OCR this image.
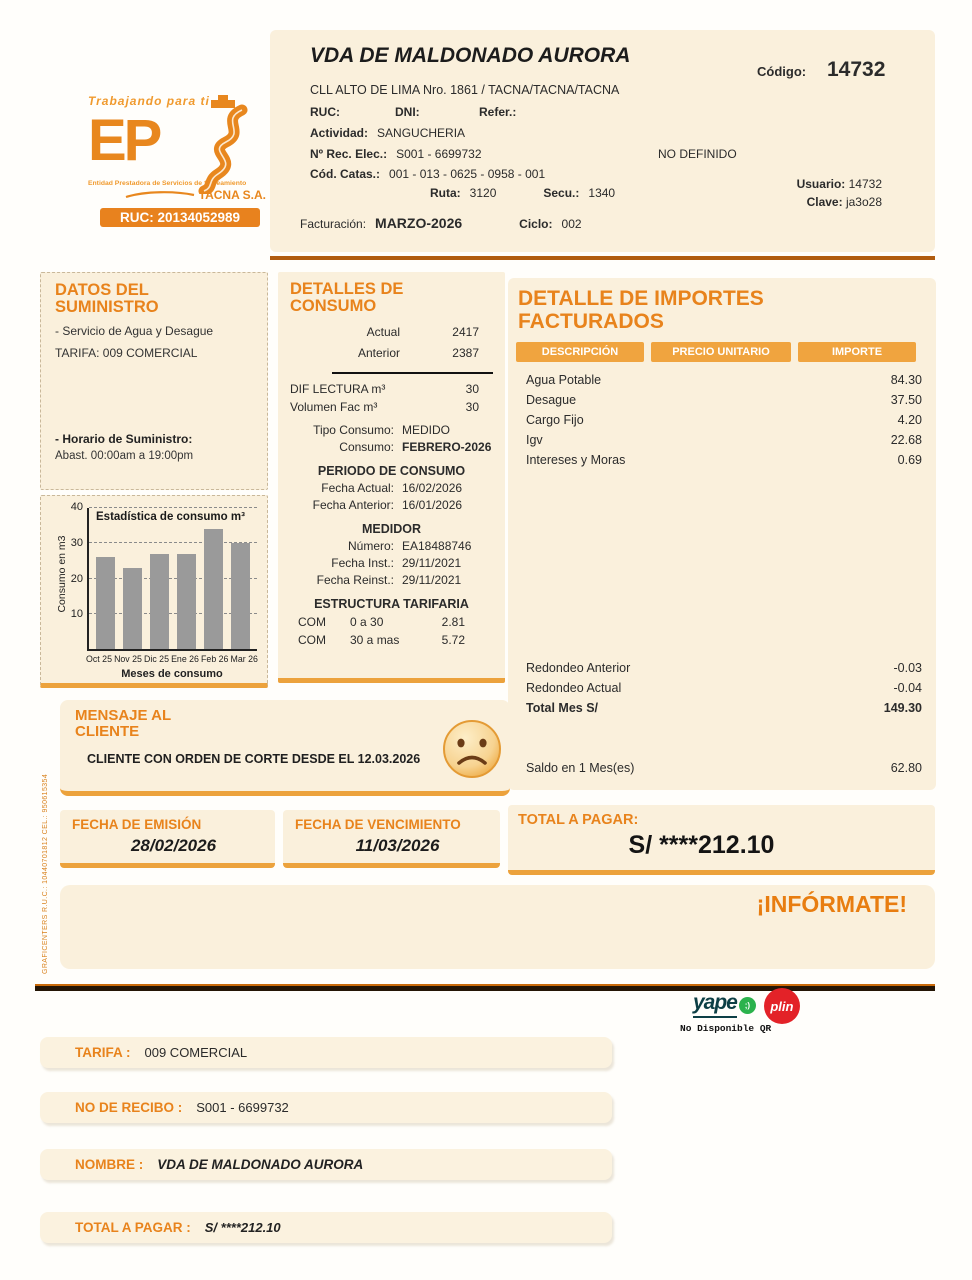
Trabajando para ti
EP
Entidad Prestadora de Servicios de Saneamiento
TACNA S.A.
RUC: 20134052989
VDA DE MALDONADO AURORA
Código: 14732
CLL ALTO DE LIMA Nro. 1861 / TACNA/TACNA/TACNA
RUC:	DNI:	Refer.:
Actividad: SANGUCHERIA
Nº Rec. Elec.: S001 - 6699732	NO DEFINIDO
Cód. Catas.: 001 - 013 - 0625 - 0958 - 001
Ruta: 3120	Secu.: 1340
Usuario: 14732
Clave: ja3o28
Facturación: MARZO-2026	Ciclo: 002
DATOS DEL SUMINISTRO
- Servicio de Agua y Desague
TARIFA: 009 COMERCIAL
- Horario de Suministro:
Abast. 00:00am a 19:00pm
Consumo en m3
10
20
30
40
Estadística de consumo m³
Oct 25 Nov 25 Dic 25 Ene 26 Feb 26 Mar 26
Meses de consumo
DETALLES DE CONSUMO
Actual	2417
Anterior	2387
DIF LECTURA m³	30
Volumen Fac m³	30
Tipo Consumo: MEDIDO
Consumo: FEBRERO-2026
PERIODO DE CONSUMO
Fecha Actual: 16/02/2026
Fecha Anterior: 16/01/2026
MEDIDOR
Número: EA18488746
Fecha Inst.: 29/11/2021
Fecha Reinst.: 29/11/2021
ESTRUCTURA TARIFARIA
COM	0 a 30	2.81
COM	30 a mas	5.72
DETALLE DE IMPORTES FACTURADOS
DESCRIPCIÓN	PRECIO UNITARIO	IMPORTE
Agua Potable	84.30
Desague	37.50
Cargo Fijo	4.20
Igv	22.68
Intereses y Moras	0.69
Redondeo Anterior	-0.03
Redondeo Actual	-0.04
Total Mes S/	149.30
Saldo en 1 Mes(es)	62.80
MENSAJE AL CLIENTE
CLIENTE CON ORDEN DE CORTE DESDE EL 12.03.2026
FECHA DE EMISIÓN
28/02/2026
FECHA DE VENCIMIENTO
11/03/2026
TOTAL A PAGAR:
S/ ****212.10
¡INFÓRMATE!
yape ;)	plin
No Disponible QR
TARIFA : 009 COMERCIAL
NO DE RECIBO : S001 - 6699732
NOMBRE : VDA DE MALDONADO AURORA
TOTAL A PAGAR : S/ ****212.10
GRAFICENTERS R.U.C.: 10440701812 CEL.: 950615354
